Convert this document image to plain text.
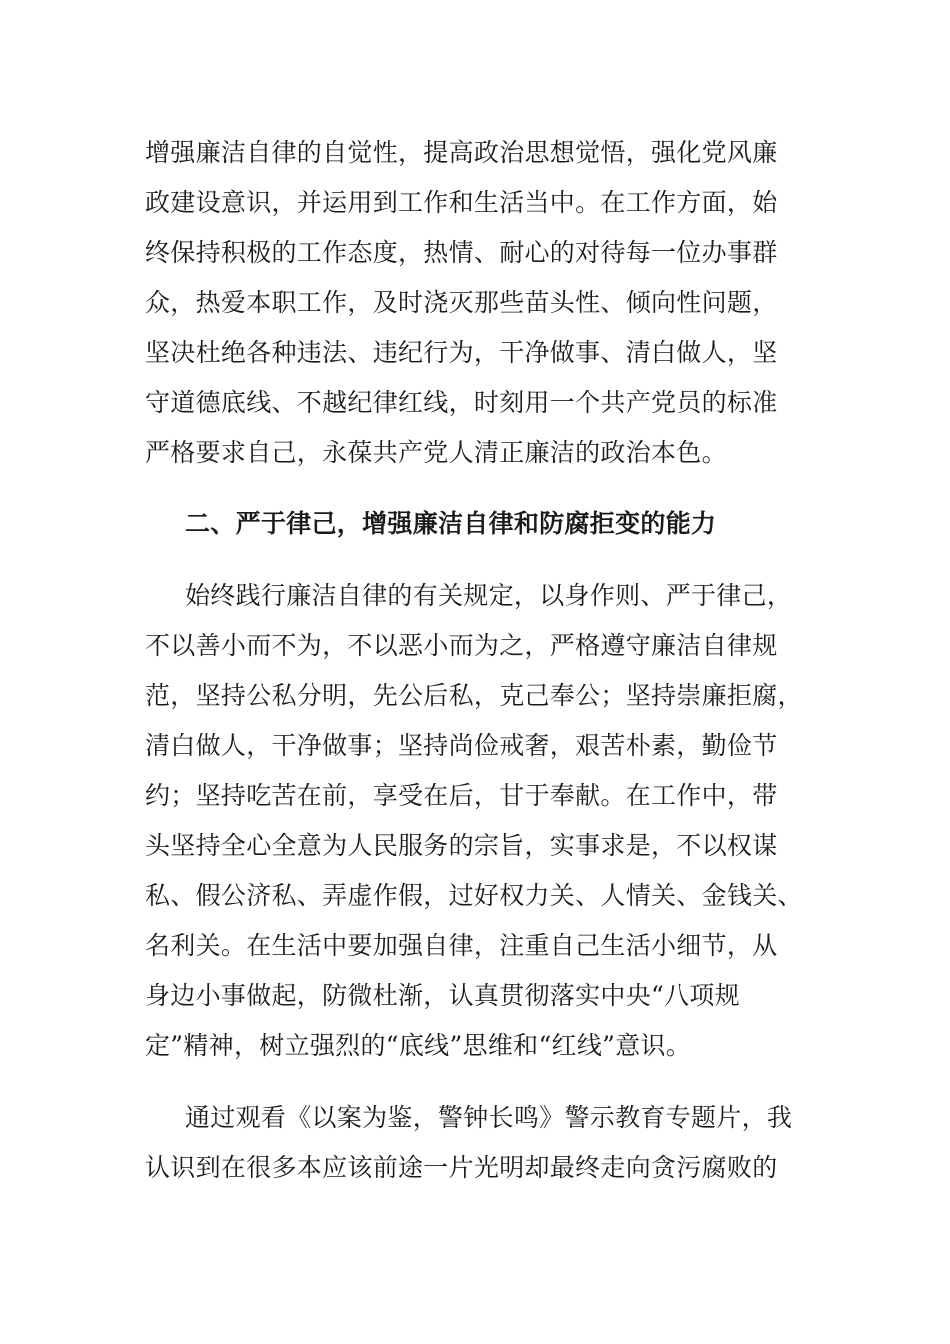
增强廉洁自律的自觉性，提高政治思想觉悟，强化党风廉
政建设意识，并运用到工作和生活当中。在工作方面，始
终保持积极的工作态度，热情、耐心的对待每一位办事群
众，热爱本职工作，及时浇灭那些苗头性、倾向性问题，
坚决杜绝各种违法、违纪行为，干净做事、清白做人，坚
守道德底线、不越纪律红线，时刻用一个共产党员的标准
严格要求自己，永葆共产党人清正廉洁的政治本色。
二、严于律己，增强廉洁自律和防腐拒变的能力
始终践行廉洁自律的有关规定，以身作则、严于律己，
不以善小而不为，不以恶小而为之，严格遵守廉洁自律规
范，坚持公私分明，先公后私，克己奉公；坚持崇廉拒腐，
清白做人，干净做事；坚持尚俭戒奢，艰苦朴素，勤俭节
约；坚持吃苦在前，享受在后，甘于奉献。在工作中，带
头坚持全心全意为人民服务的宗旨，实事求是，不以权谋
私、假公济私、弄虚作假，过好权力关、人情关、金钱关、
名利关。在生活中要加强自律，注重自己生活小细节，从
身边小事做起，防微杜渐，认真贯彻落实中央“八项规
定”精神，树立强烈的“底线”思维和“红线”意识。
通过观看《以案为鉴，警钟长鸣》警示教育专题片，我
认识到在很多本应该前途一片光明却最终走向贪污腐败的
